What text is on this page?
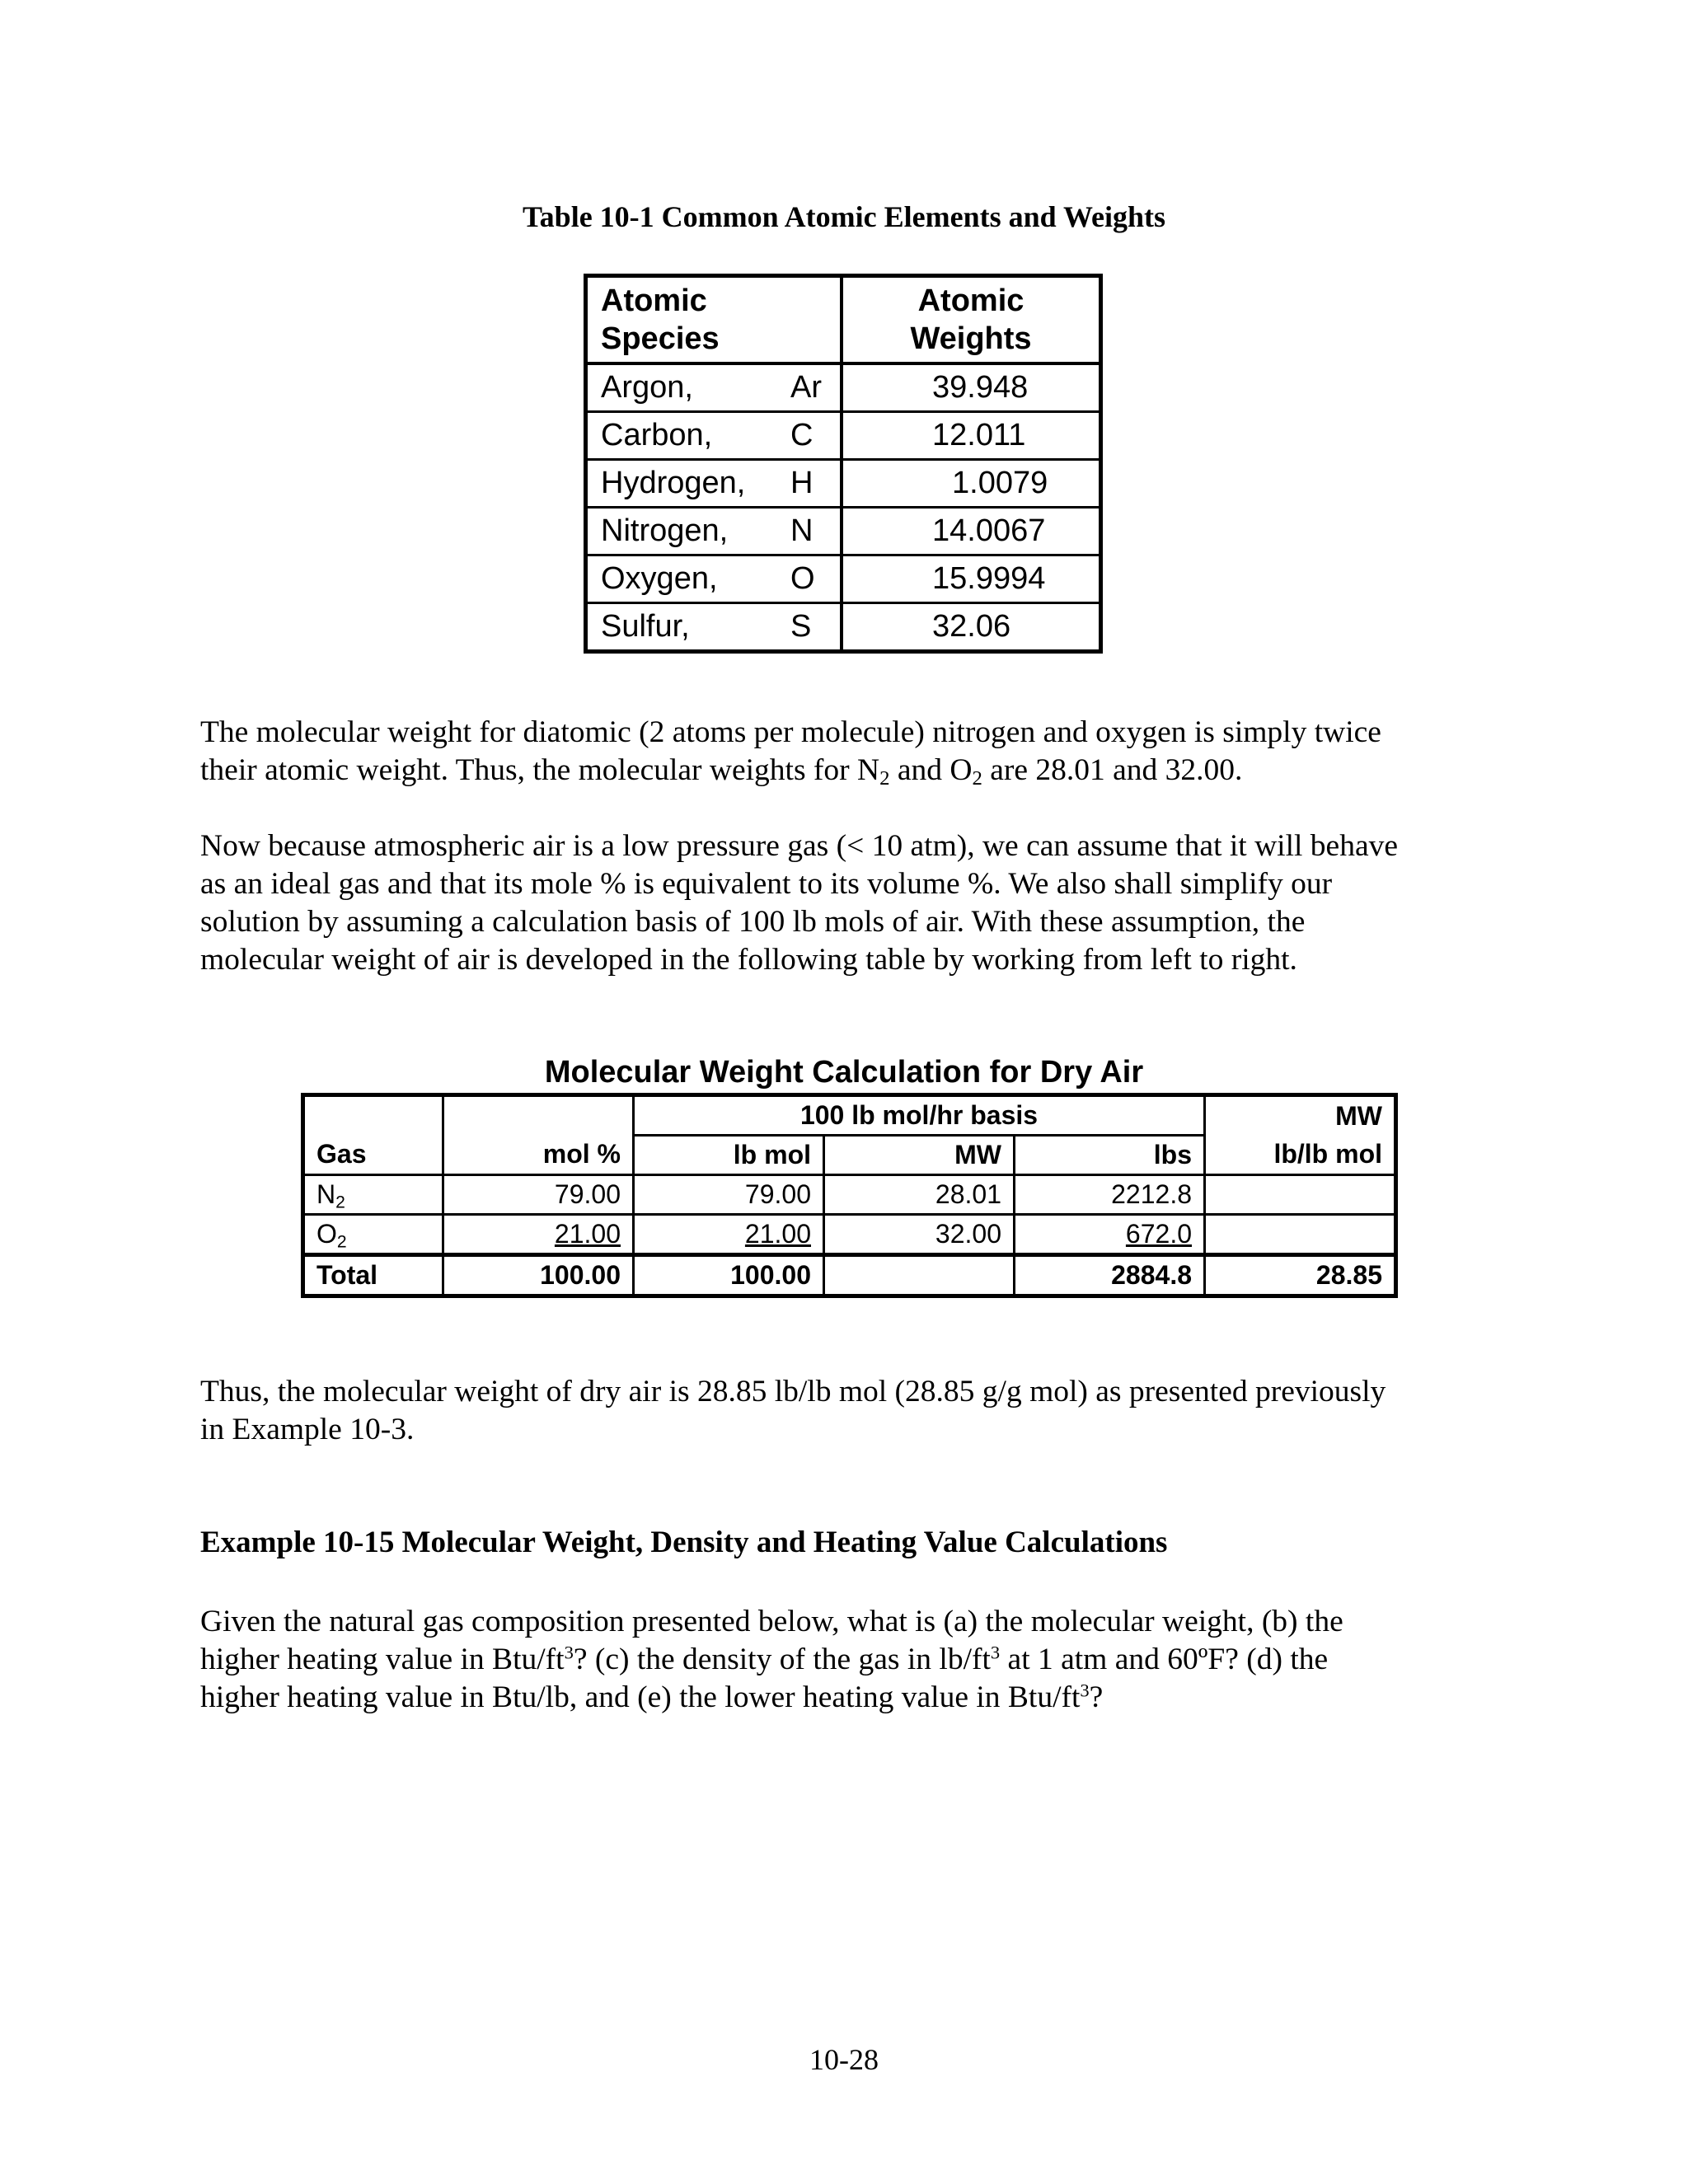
Table 10-1 Common Atomic Elements and Weights
Atomic
Species		Atomic
Weights
Argon,	Ar	39.948
Carbon,	C	12.011
Hydrogen,	H	1.0079
Nitrogen,	N	14.0067
Oxygen,	O	15.9994
Sulfur,	S	32.06
The molecular weight for diatomic (2 atoms per molecule) nitrogen and oxygen is simply twice
their atomic weight. Thus, the molecular weights for $N_2$ and $O_2$ are 28.01 and 32.00.
Now because atmospheric air is a low pressure gas (< 10 atm), we can assume that it will behave
as an ideal gas and that its mole % is equivalent to its volume %. We also shall simplify our
solution by assuming a calculation basis of 100 lb mols of air. With these assumption, the
molecular weight of air is developed in the following table by working from left to right.
Molecular Weight Calculation for Dry Air
		100 lb mol/hr basis			MW
Gas	mol %	lb mol	MW	lbs	lb/lb mol
$N_2$	79.00	79.00	28.01	2212.8	
$O_2$	21.00	21.00	32.00	672.0	
Total	100.00	100.00		2884.8	28.85
Thus, the molecular weight of dry air is 28.85 lb/lb mol (28.85 g/g mol) as presented previously
in Example 10-3.
Example 10-15 Molecular Weight, Density and Heating Value Calculations
Given the natural gas composition presented below, what is (a) the molecular weight, (b) the
higher heating value in Btu/$ft^3$? (c) the density of the gas in $lb/ft^3$ at 1 atm and 60ºF? (d) the
higher heating value in Btu/lb, and (e) the lower heating value in Btu/$ft^3$?
10-28
